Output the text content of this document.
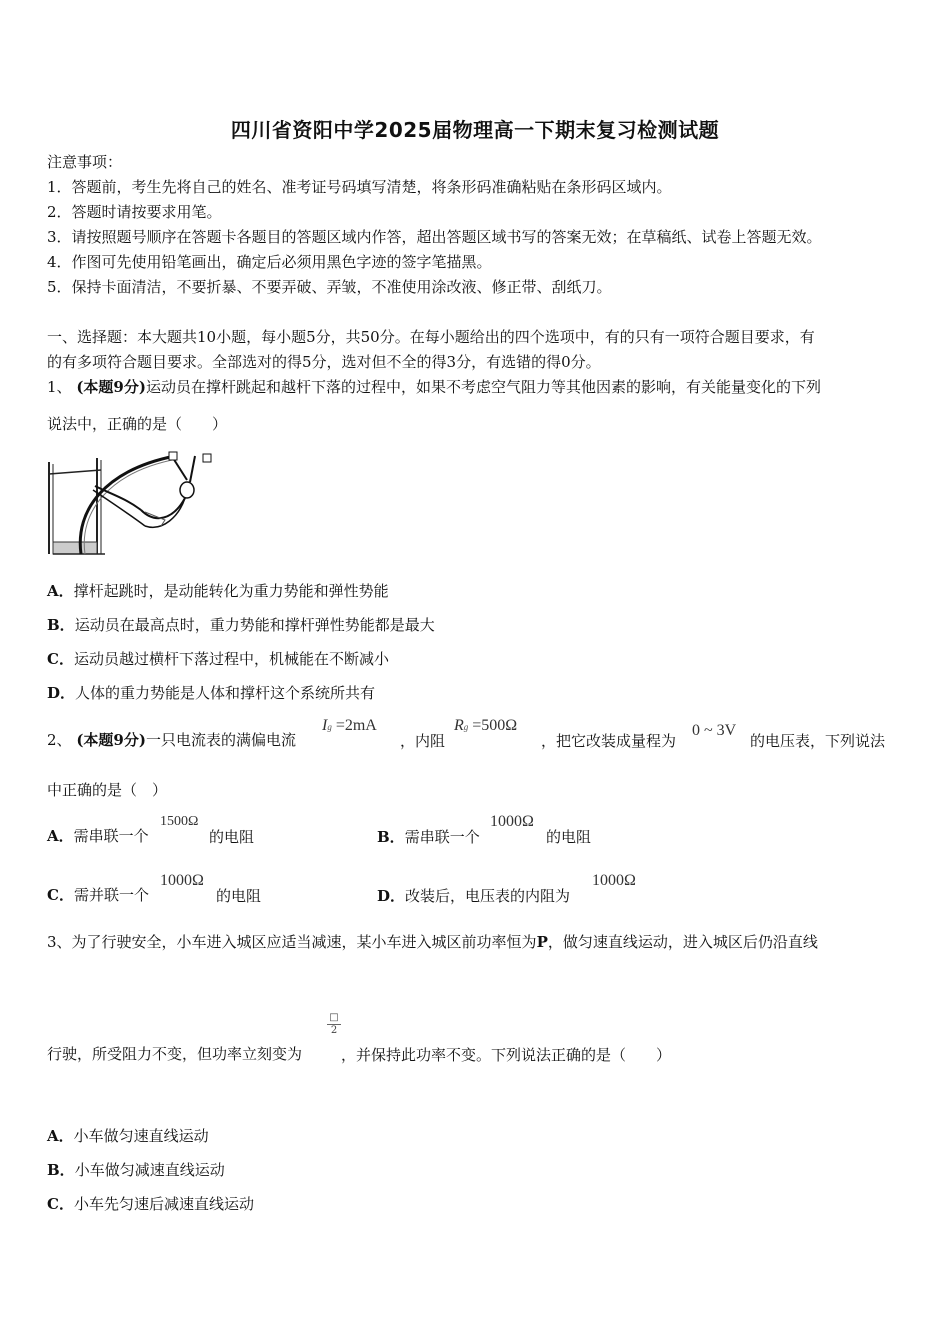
四川省资阳中学2025届物理高一下期末复习检测试题
注意事项：
1．答题前，考生先将自己的姓名、准考证号码填写清楚，将条形码准确粘贴在条形码区域内。
2．答题时请按要求用笔。
3．请按照题号顺序在答题卡各题目的答题区域内作答，超出答题区域书写的答案无效；在草稿纸、试卷上答题无效。
4．作图可先使用铅笔画出，确定后必须用黑色字迹的签字笔描黑。
5．保持卡面清洁，不要折暴、不要弄破、弄皱，不准使用涂改液、修正带、刮纸刀。
一、选择题：本大题共10小题，每小题5分，共50分。在每小题给出的四个选项中，有的只有一项符合题目要求，有
的有多项符合题目要求。全部选对的得5分，选对但不全的得3分，有选错的得0分。
1、 (本题9分)运动员在撑杆跳起和越杆下落的过程中，如果不考虑空气阻力等其他因素的影响，有关能量变化的下列
说法中，正确的是（　　）
A．撑杆起跳时，是动能转化为重力势能和弹性势能
B．运动员在最高点时，重力势能和撑杆弹性势能都是最大
C．运动员越过横杆下落过程中，机械能在不断减小
D．人体的重力势能是人体和撑杆这个系统所共有
2、 (本题9分)一只电流表的满偏电流
Ig =2mA
，内阻
Rg =500Ω
，把它改装成量程为
0 ~ 3V
的电压表，下列说法
中正确的是（　）
A．需串联一个
1500Ω
的电阻	B．需串联一个
1000Ω
的电阻
C．需并联一个
1000Ω
的电阻	D．改装后，电压表的内阻为
1000Ω
3、为了行驶安全，小车进入城区应适当减速，某小车进入城区前功率恒为P，做匀速直线运动，进入城区后仍沿直线
行驶，所受阻力不变，但功率立刻变为
□
2
，并保持此功率不变。下列说法正确的是（　　）
A．小车做匀速直线运动
B．小车做匀减速直线运动
C．小车先匀速后减速直线运动
